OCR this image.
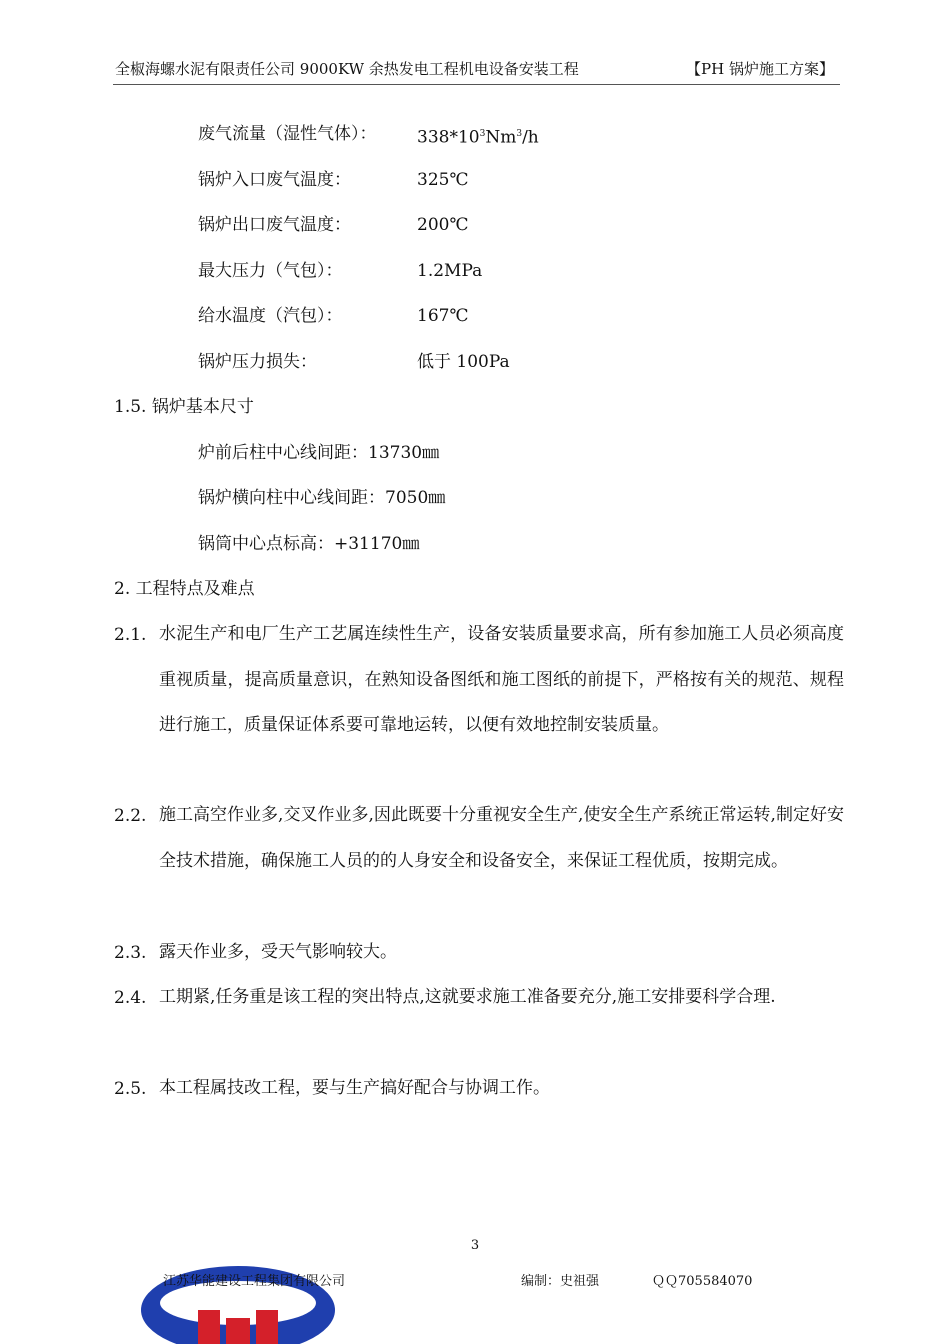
全椒海螺水泥有限责任公司 9000KW 余热发电工程机电设备安装工程	【PH 锅炉施工方案】
废气流量（湿性气体）： $338*10^3Nm^3/h$
锅炉入口废气温度：	325℃
锅炉出口废气温度：	200℃
最大压力（气包）：	1.2MPa
给水温度（汽包）：	167℃
锅炉压力损失：	低于 100Pa
1.5. 锅炉基本尺寸
炉前后柱中心线间距：13730㎜
锅炉横向柱中心线间距：7050㎜
锅筒中心点标高：+31170㎜
2. 工程特点及难点
2.1. 水泥生产和电厂生产工艺属连续性生产，设备安装质量要求高，所有参加施工人员必须高度重视质量，提高质量意识，在熟知设备图纸和施工图纸的前提下，严格按有关的规范、规程进行施工，质量保证体系要可靠地运转，以便有效地控制安装质量。
2.2. 施工高空作业多,交叉作业多,因此既要十分重视安全生产,使安全生产系统正常运转,制定好安全技术措施，确保施工人员的的人身安全和设备安全，来保证工程优质，按期完成。
2.3. 露天作业多，受天气影响较大。
2.4. 工期紧,任务重是该工程的突出特点,这就要求施工准备要充分,施工安排要科学合理.
2.5. 本工程属技改工程，要与生产搞好配合与协调工作。
3
江苏华能建设工程集团有限公司	编制：史祖强	ＱＱ705584070
